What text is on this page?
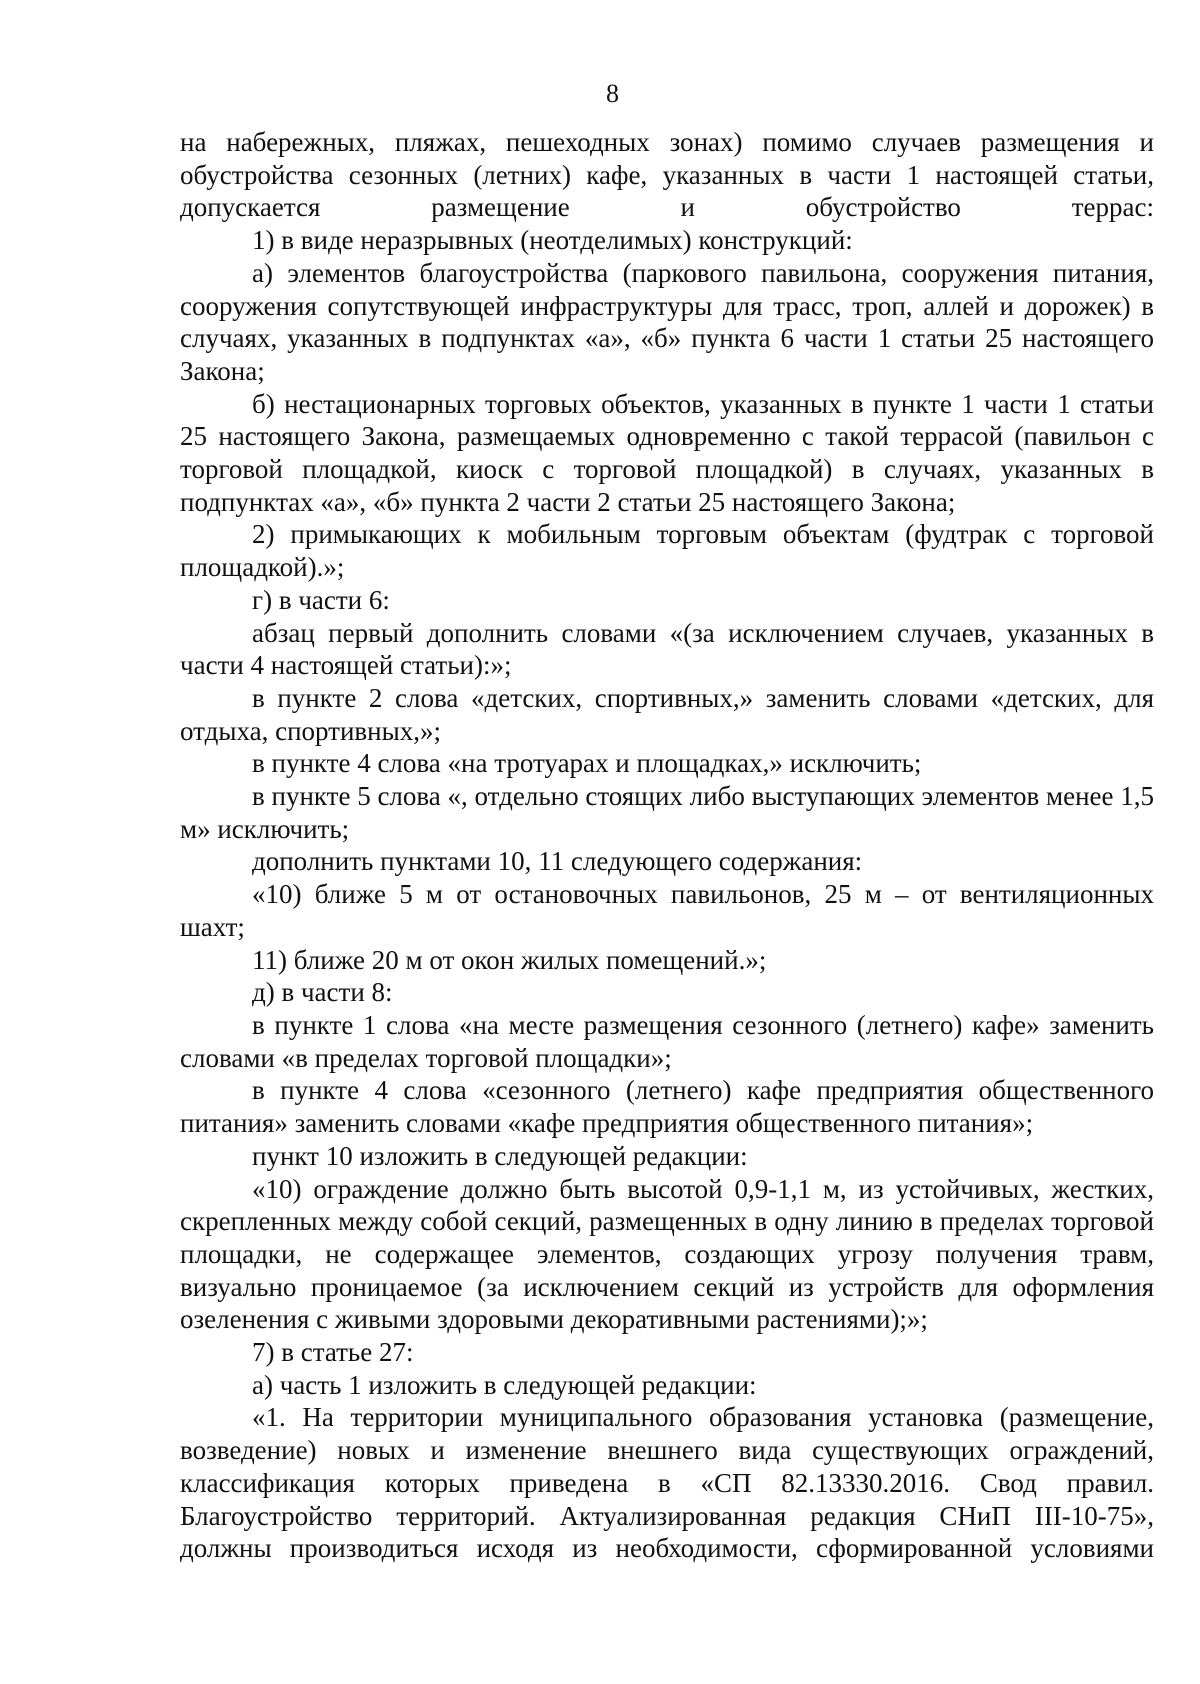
8

на набережных, пляжах, пешеходных зонах) помимо случаев размещения и обустройства сезонных (летних) кафе, указанных в части 1 настоящей статьи, допускается размещение и обустройство террас:

1) в виде неразрывных (неотделимых) конструкций:

а) элементов благоустройства (паркового павильона, сооружения питания, сооружения сопутствующей инфраструктуры для трасс, троп, аллей и дорожек) в случаях, указанных в подпунктах «а», «б» пункта 6 части 1 статьи 25 настоящего Закона;

б) нестационарных торговых объектов, указанных в пункте 1 части 1 статьи 25 настоящего Закона, размещаемых одновременно с такой террасой (павильон с торговой площадкой, киоск с торговой площадкой) в случаях, указанных в подпунктах «а», «б» пункта 2 части 2 статьи 25 настоящего Закона;

2) примыкающих к мобильным торговым объектам (фудтрак с торговой площадкой).»;

г) в части 6:

абзац первый дополнить словами «(за исключением случаев, указанных в части 4 настоящей статьи):»;

в пункте 2 слова «детских, спортивных,» заменить словами «детских, для отдыха, спортивных,»;

в пункте 4 слова «на тротуарах и площадках,» исключить;

в пункте 5 слова «, отдельно стоящих либо выступающих элементов менее 1,5 м» исключить;

дополнить пунктами 10, 11 следующего содержания:

«10) ближе 5 м от остановочных павильонов, 25 м – от вентиляционных шахт;

11) ближе 20 м от окон жилых помещений.»;

д) в части 8:

в пункте 1 слова «на месте размещения сезонного (летнего) кафе» заменить словами «в пределах торговой площадки»;

в пункте 4 слова «сезонного (летнего) кафе предприятия общественного питания» заменить словами «кафе предприятия общественного питания»;

пункт 10 изложить в следующей редакции:

«10) ограждение должно быть высотой 0,9-1,1 м, из устойчивых, жестких, скрепленных между собой секций, размещенных в одну линию в пределах торговой площадки, не содержащее элементов, создающих угрозу получения травм, визуально проницаемое (за исключением секций из устройств для оформления озеленения с живыми здоровыми декоративными растениями);»;

7) в статье 27:

а) часть 1 изложить в следующей редакции:

«1. На территории муниципального образования установка (размещение, возведение) новых и изменение внешнего вида существующих ограждений, классификация которых приведена в «СП 82.13330.2016. Свод правил. Благоустройство территорий. Актуализированная редакция СНиП III-10-75», должны производиться исходя из необходимости, сформированной условиями
